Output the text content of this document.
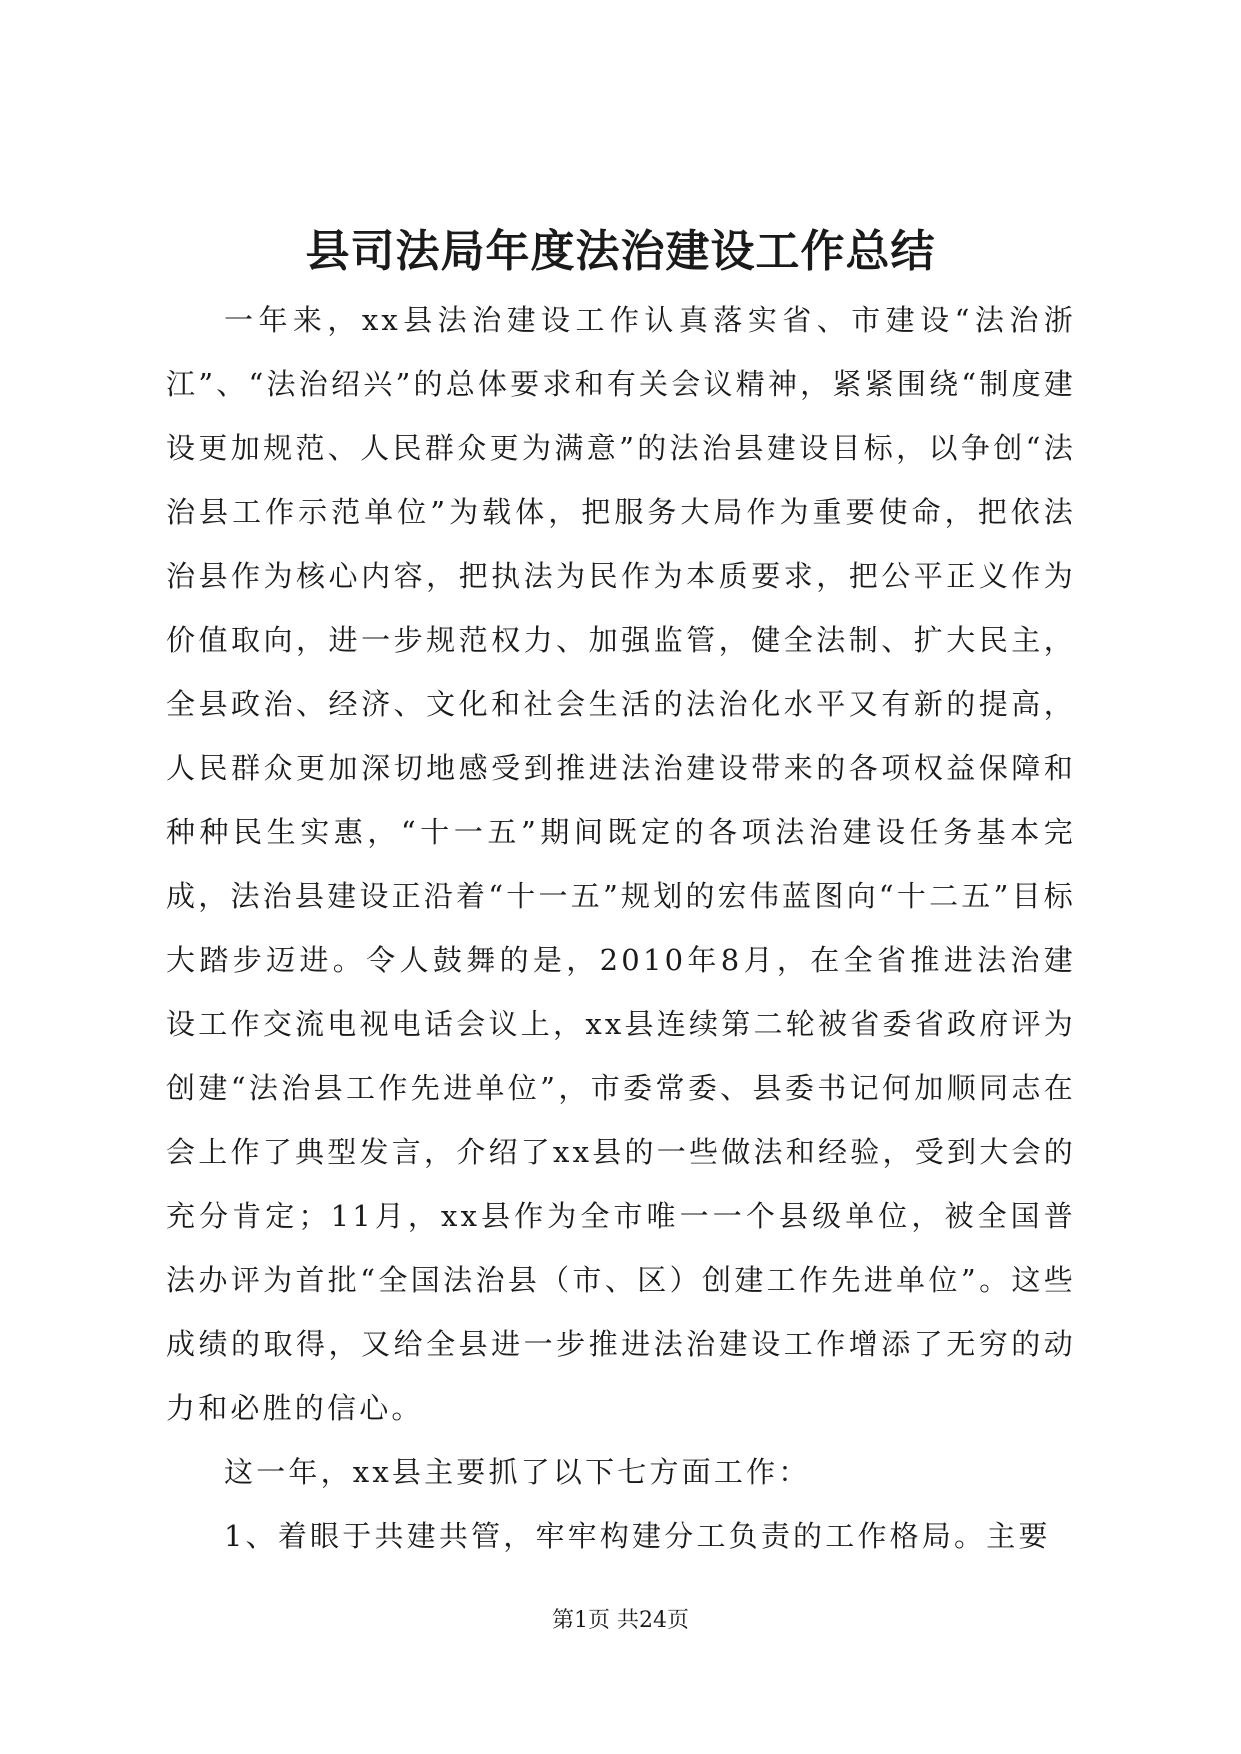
县司法局年度法治建设工作总结

一年来，xx县法治建设工作认真落实省、市建设“法治浙江”、“法治绍兴”的总体要求和有关会议精神，紧紧围绕“制度建设更加规范、人民群众更为满意”的法治县建设目标，以争创“法治县工作示范单位”为载体，把服务大局作为重要使命，把依法治县作为核心内容，把执法为民作为本质要求，把公平正义作为价值取向，进一步规范权力、加强监管，健全法制、扩大民主，全县政治、经济、文化和社会生活的法治化水平又有新的提高，人民群众更加深切地感受到推进法治建设带来的各项权益保障和种种民生实惠，“十一五”期间既定的各项法治建设任务基本完成，法治县建设正沿着“十一五”规划的宏伟蓝图向“十二五”目标大踏步迈进。令人鼓舞的是，2010年8月，在全省推进法治建设工作交流电视电话会议上，xx县连续第二轮被省委省政府评为创建“法治县工作先进单位”，市委常委、县委书记何加顺同志在会上作了典型发言，介绍了xx县的一些做法和经验，受到大会的充分肯定；11月，xx县作为全市唯一一个县级单位，被全国普法办评为首批“全国法治县（市、区）创建工作先进单位”。这些成绩的取得，又给全县进一步推进法治建设工作增添了无穷的动力和必胜的信心。

这一年，xx县主要抓了以下七方面工作：

1、着眼于共建共管，牢牢构建分工负责的工作格局。主要

第1页 共24页
